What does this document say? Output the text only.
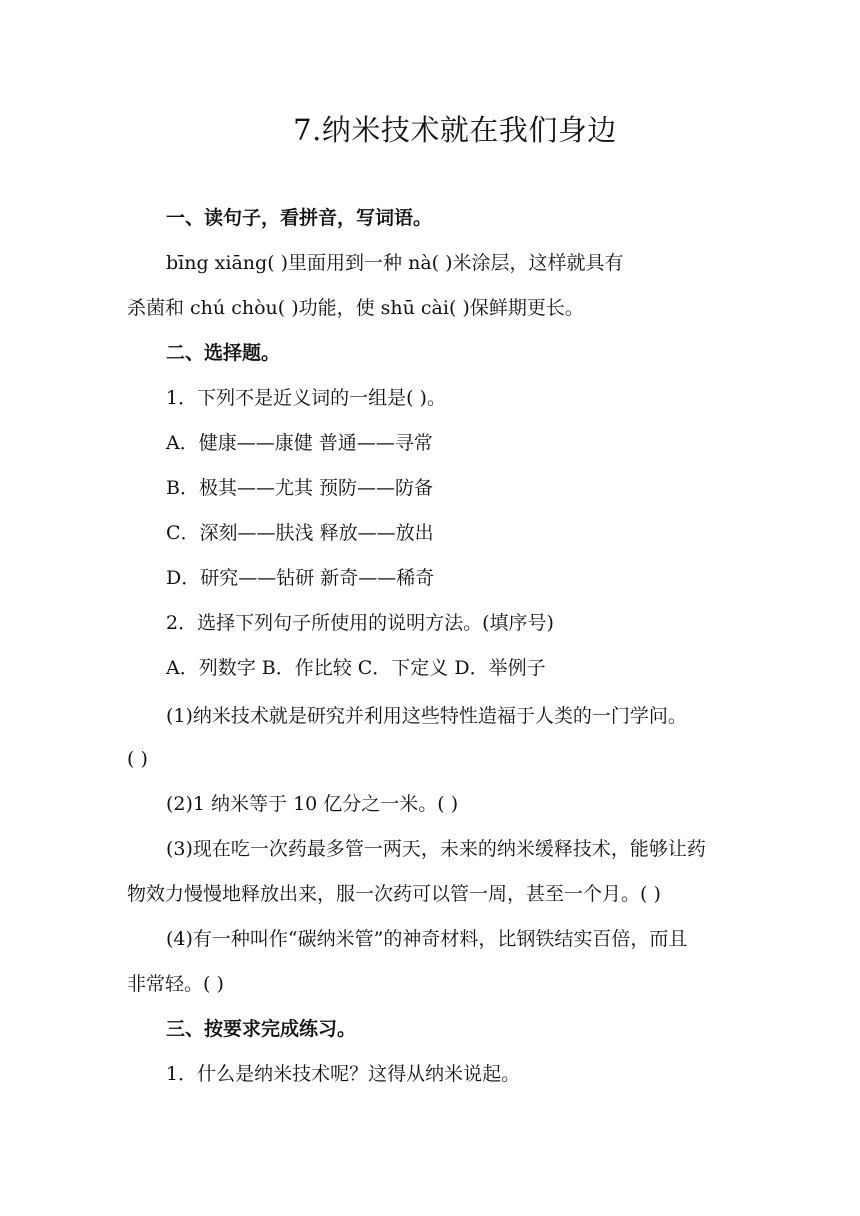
7.纳米技术就在我们身边
一、读句子，看拼音，写词语。
bīng xiāng( )里面用到一种 nà( )米涂层，这样就具有
杀菌和 chú chòu( )功能，使 shū cài( )保鲜期更长。
二、选择题。
1．下列不是近义词的一组是( )。
A．健康——康健 普通——寻常
B．极其——尤其 预防——防备
C．深刻——肤浅 释放——放出
D．研究——钻研 新奇——稀奇
2．选择下列句子所使用的说明方法。(填序号)
A．列数字 B．作比较 C．下定义 D．举例子
(1)纳米技术就是研究并利用这些特性造福于人类的一门学问。
( )
(2)1 纳米等于 10 亿分之一米。( )
(3)现在吃一次药最多管一两天，未来的纳米缓释技术，能够让药
物效力慢慢地释放出来，服一次药可以管一周，甚至一个月。( )
(4)有一种叫作“碳纳米管”的神奇材料，比钢铁结实百倍，而且
非常轻。( )
三、按要求完成练习。
1．什么是纳米技术呢？这得从纳米说起。
